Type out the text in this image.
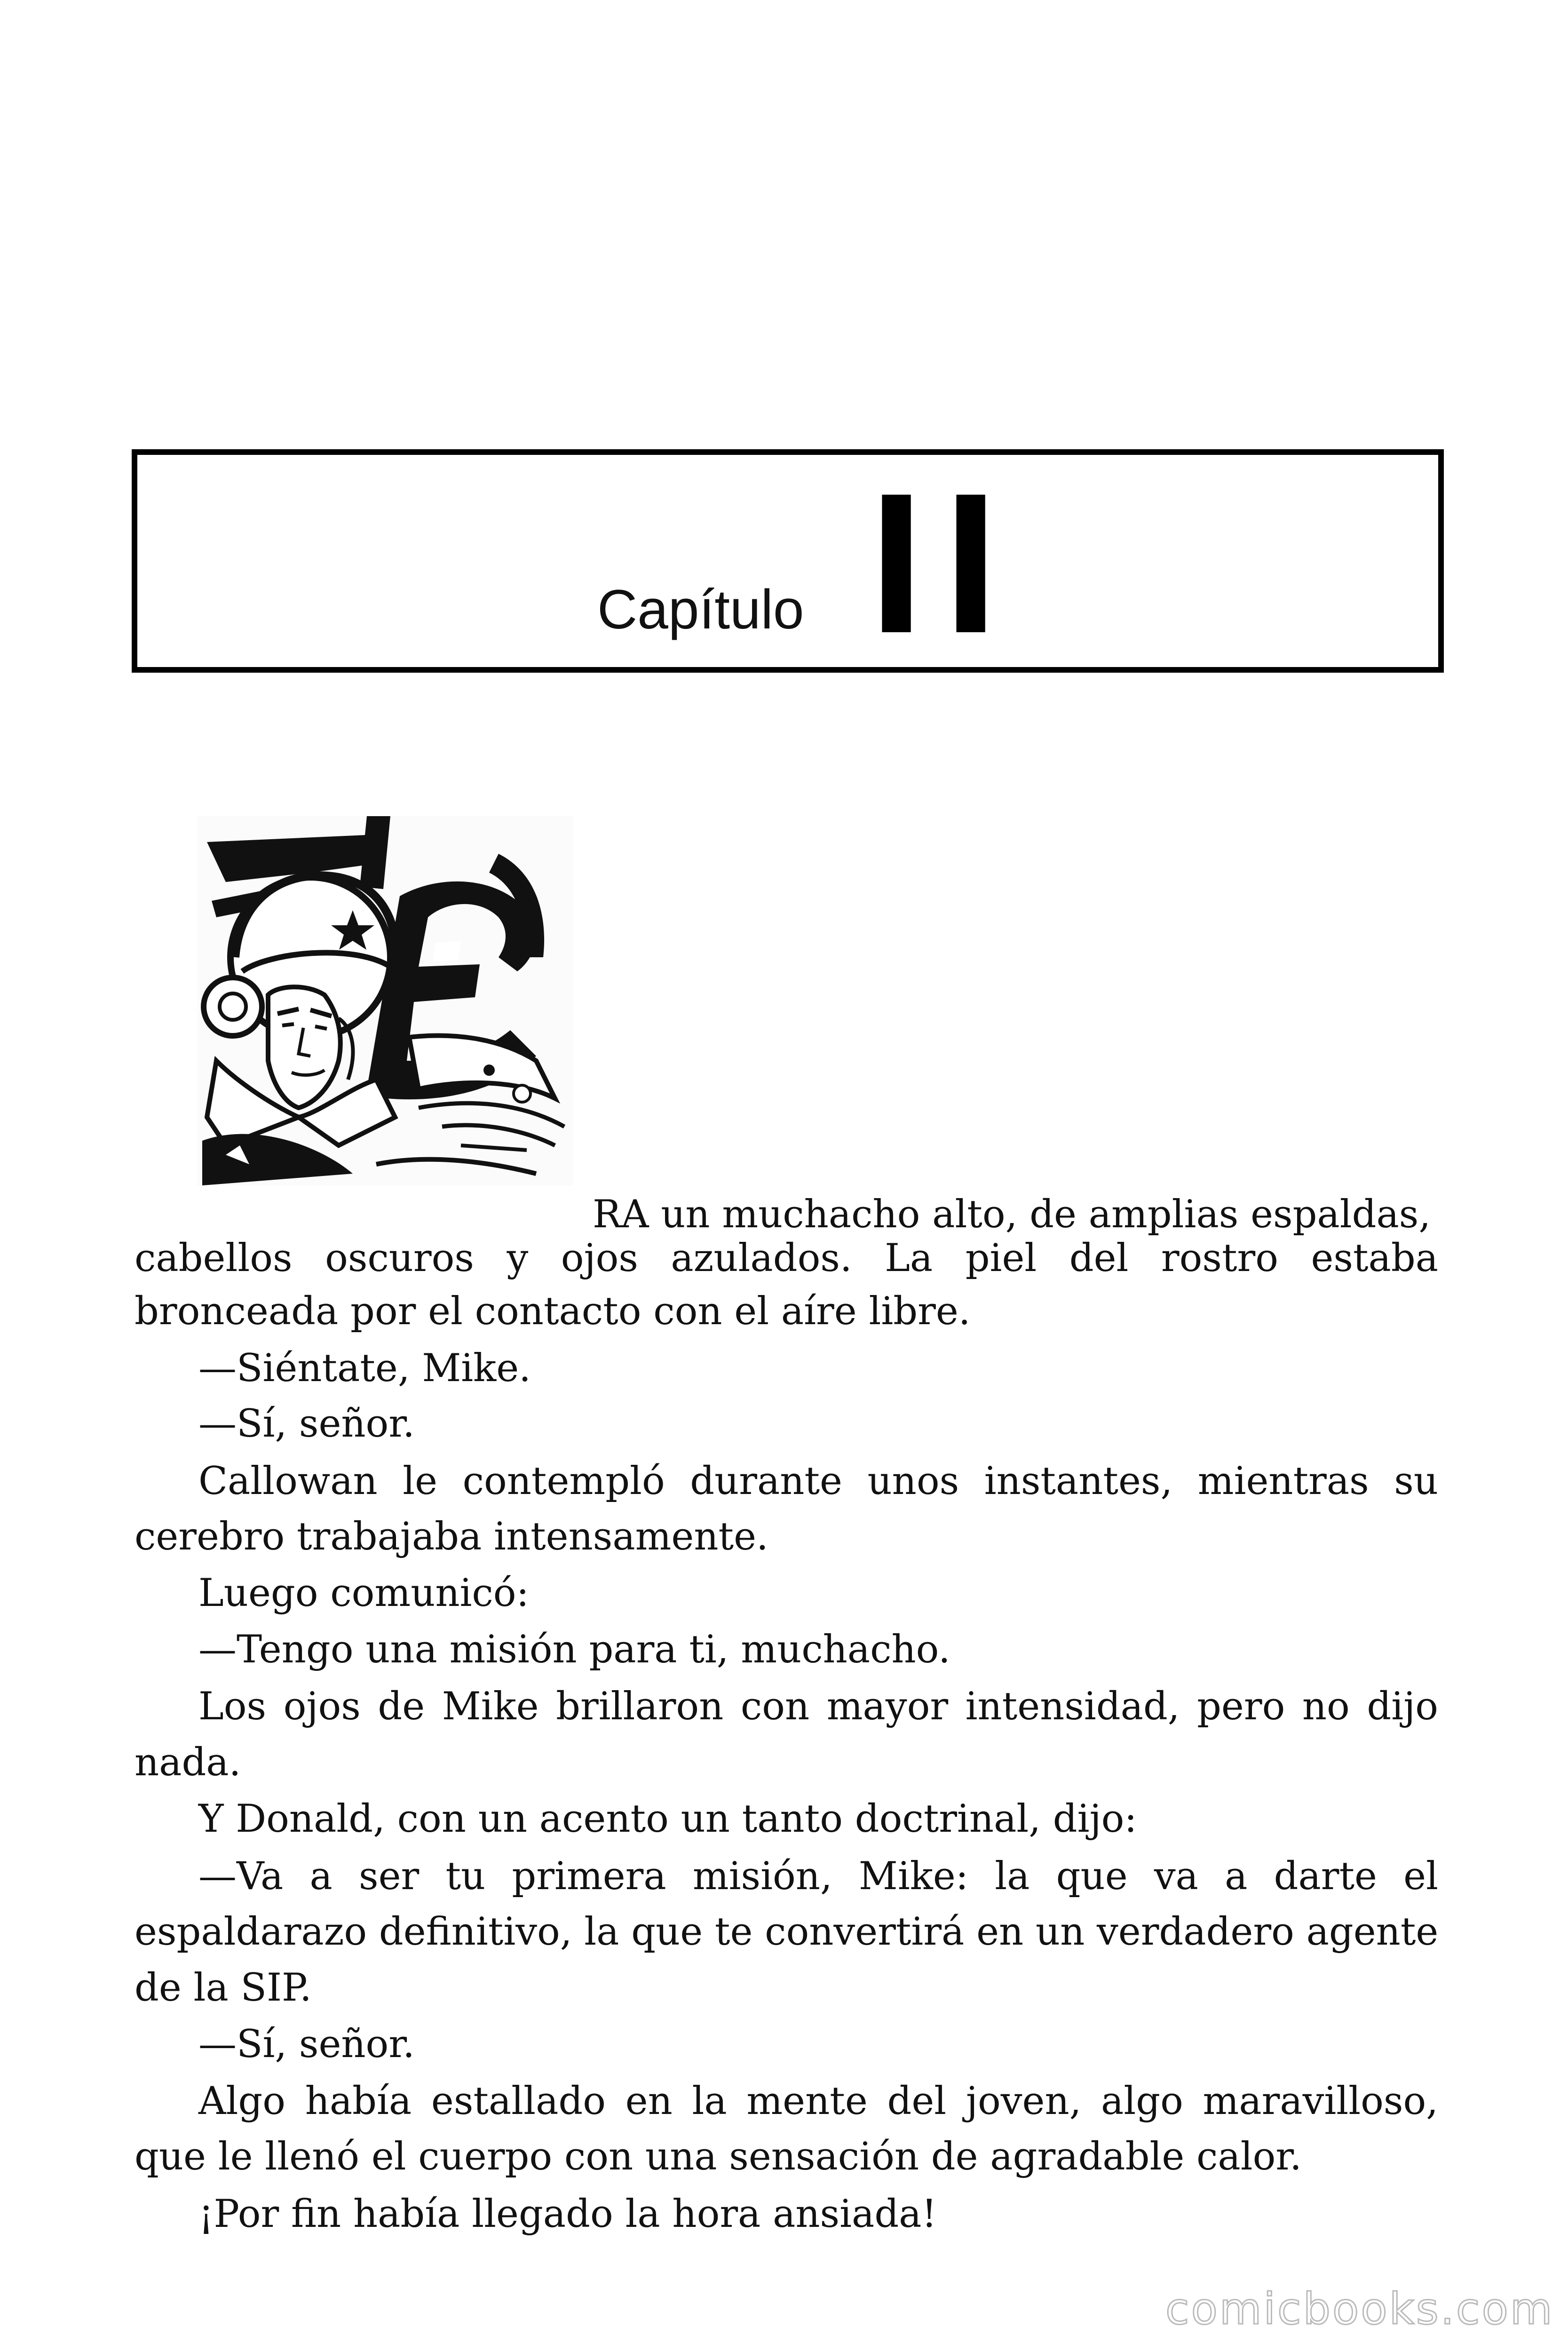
Capítulo II
RA un muchacho alto, de amplias espaldas,
cabellos oscuros y ojos azulados. La piel del rostro estaba
bronceada por el contacto con el aíre libre.
—Siéntate, Mike.
—Sí, señor.
Callowan le contempló durante unos instantes, mientras su
cerebro trabajaba intensamente.
Luego comunicó:
—Tengo una misión para ti, muchacho.
Los ojos de Mike brillaron con mayor intensidad, pero no dijo
nada.
Y Donald, con un acento un tanto doctrinal, dijo:
—Va a ser tu primera misión, Mike: la que va a darte el
espaldarazo definitivo, la que te convertirá en un verdadero agente
de la SIP.
—Sí, señor.
Algo había estallado en la mente del joven, algo maravilloso,
que le llenó el cuerpo con una sensación de agradable calor.
¡Por fin había llegado la hora ansiada!
comicbooks.com
